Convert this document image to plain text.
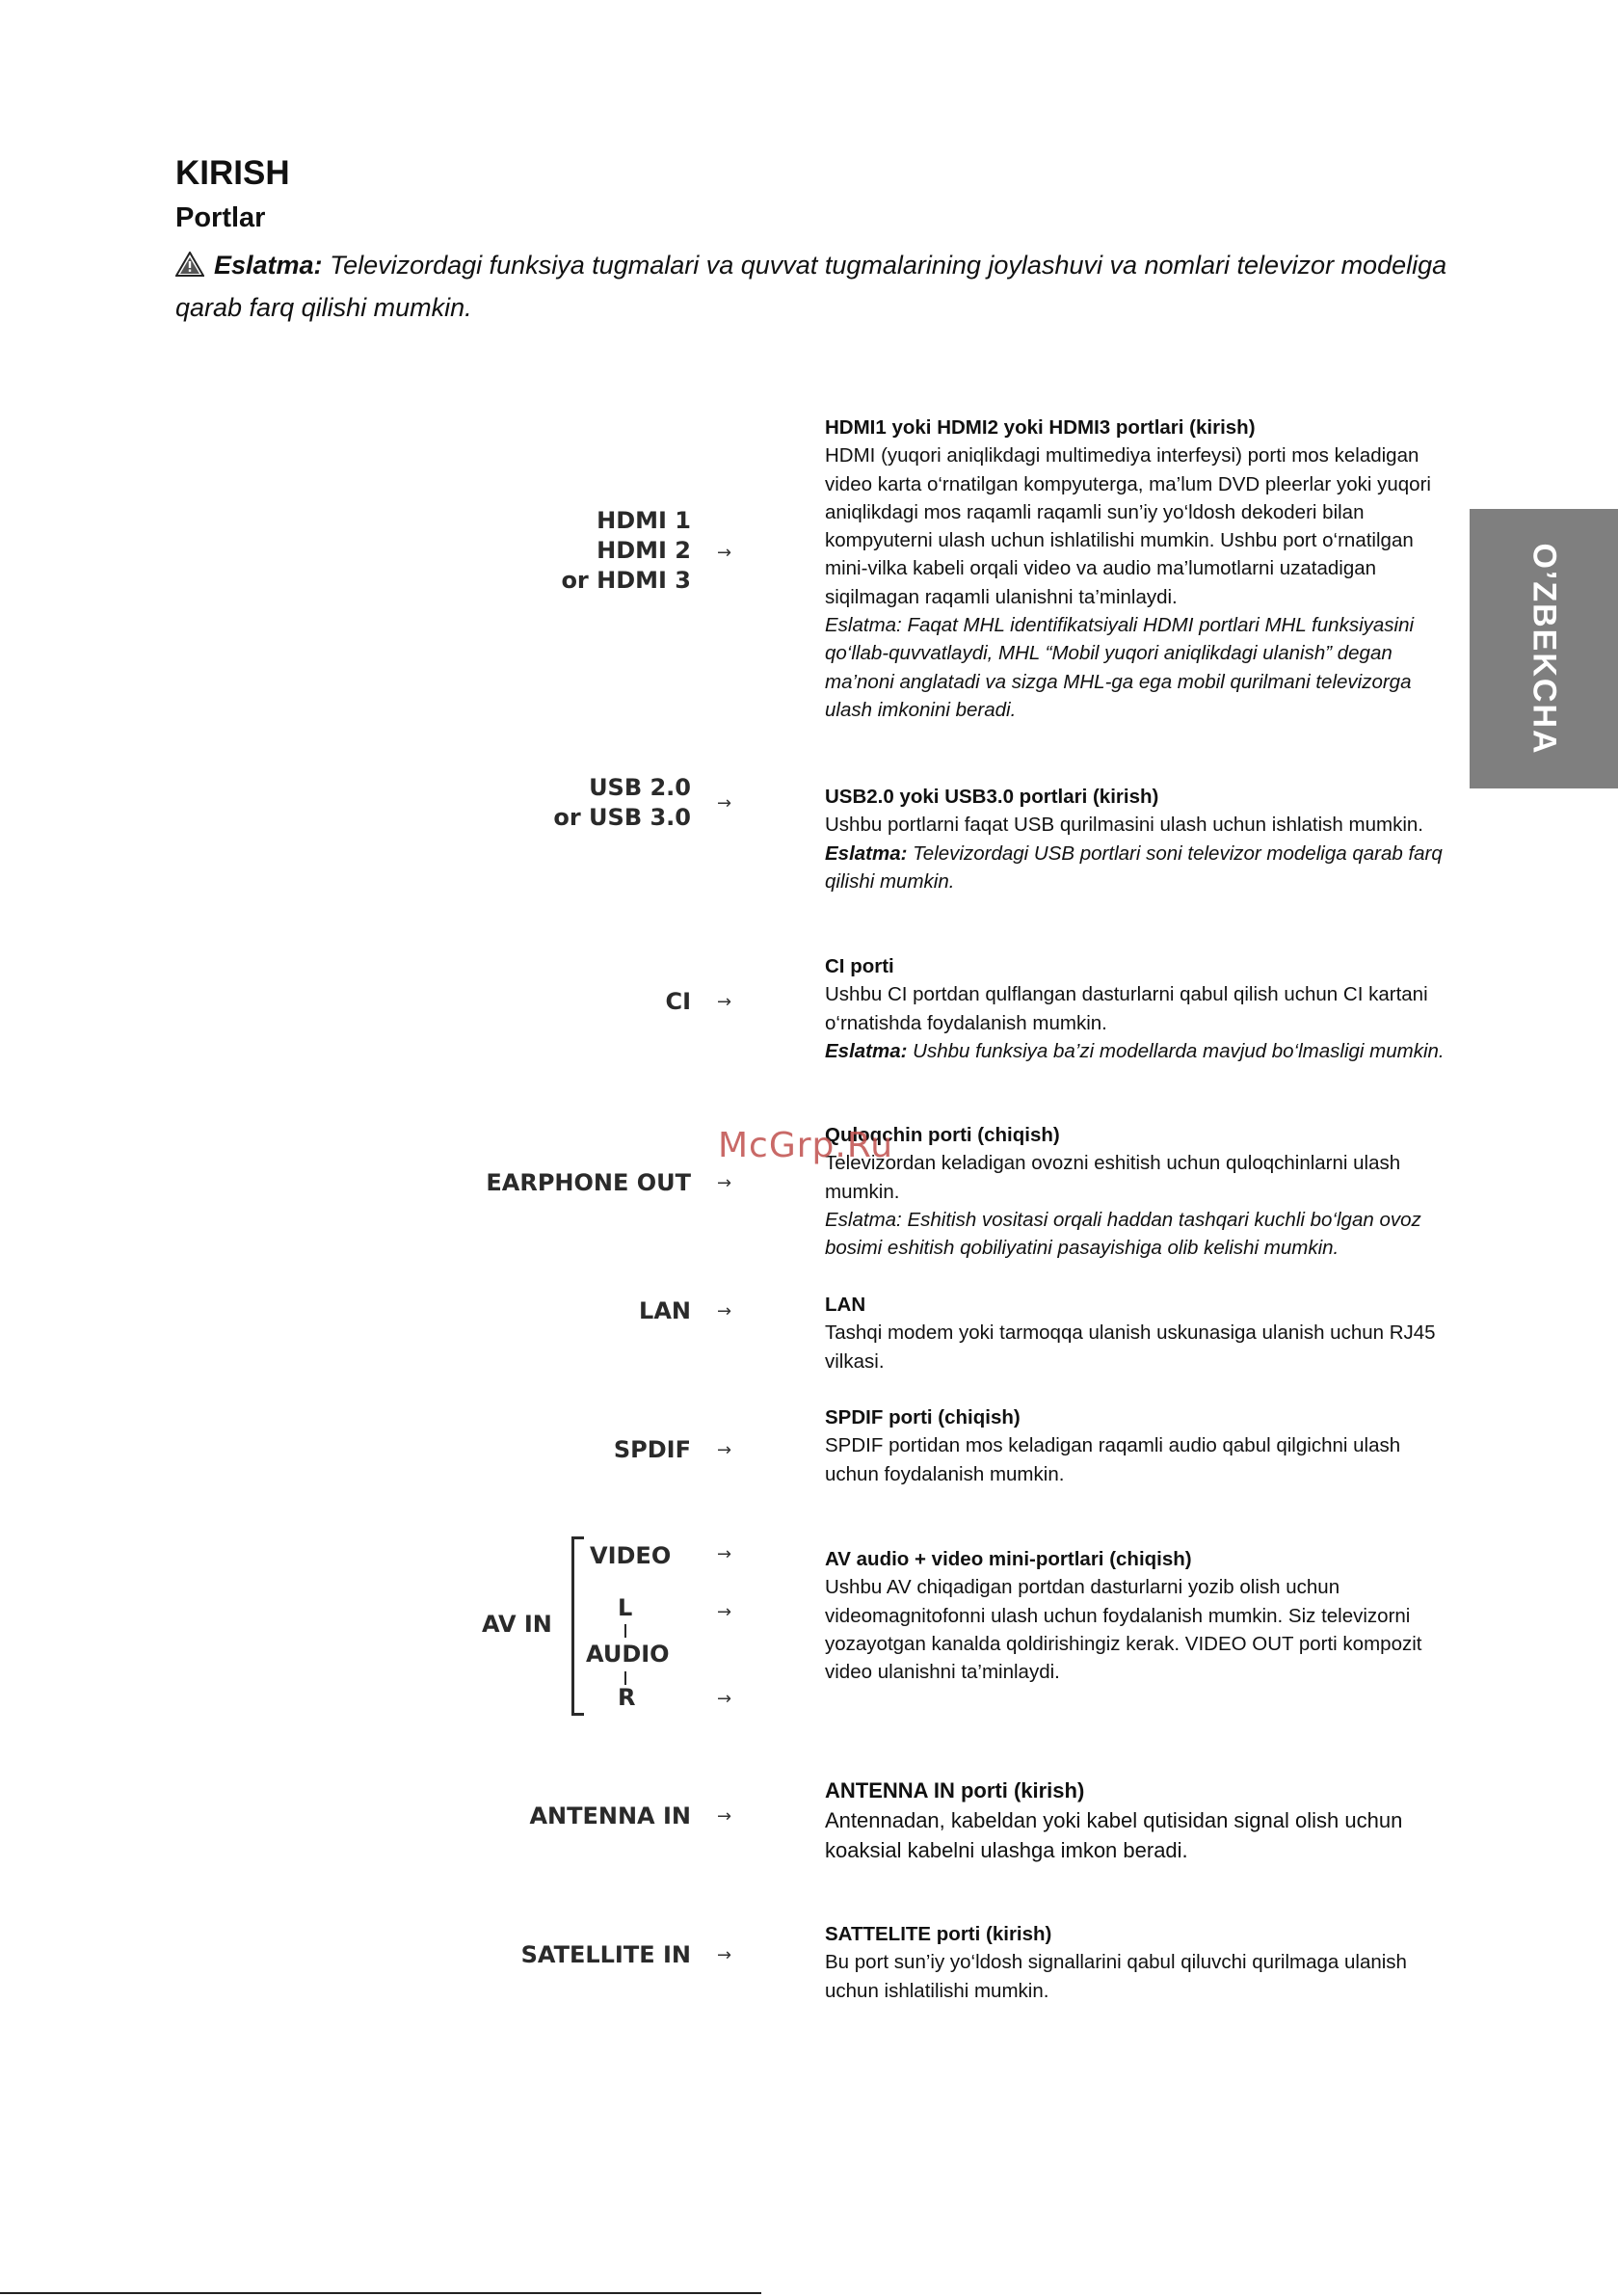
KIRISH
Portlar
Eslatma: Televizordagi funksiya tugmalari va quvvat tugmalarining joylashuvi va nomlari televizor modeliga qarab farq qilishi mumkin.
O’ZBEKCHA
HDMI 1
HDMI 2
or HDMI 3
→
USB 2.0
or USB 3.0
→
CI →
EARPHONE OUT →
LAN →
SPDIF →
AV IN
VIDEO
L
AUDIO
R
→
→
→
ANTENNA IN →
SATELLITE IN →

HDMI1 yoki HDMI2 yoki HDMI3 portlari (kirish)

HDMI (yuqori aniqlikdagi multimediya interfeysi) porti mos keladigan video karta o‘rnatilgan kompyuterga, ma’lum DVD pleerlar yoki yuqori aniqlikdagi mos raqamli raqamli sun’iy yo‘ldosh dekoderi bilan kompyuterni ulash uchun ishlatilishi mumkin. Ushbu port o‘rnatilgan mini-vilka kabeli orqali video va audio ma’lumotlarni uzatadigan siqilmagan raqamli ulanishni ta’minlaydi.

Eslatma: Faqat MHL identifikatsiyali HDMI portlari MHL funksiyasini qo‘llab-quvvatlaydi, MHL “Mobil yuqori aniqlikdagi ulanish” degan ma’noni anglatadi va sizga MHL-ga ega mobil qurilmani televizorga ulash imkonini beradi.

USB2.0 yoki USB3.0 portlari (kirish)

Ushbu portlarni faqat USB qurilmasini ulash uchun ishlatish mumkin.

Eslatma: Televizordagi USB portlari soni televizor modeliga qarab farq qilishi mumkin.

CI porti

Ushbu CI portdan qulflangan dasturlarni qabul qilish uchun CI kartani o‘rnatishda foydalanish mumkin.

Eslatma: Ushbu funksiya ba’zi modellarda mavjud bo‘lmasligi mumkin.

Quloqchin porti (chiqish)

Televizordan keladigan ovozni eshitish uchun quloqchinlarni ulash mumkin.

Eslatma: Eshitish vositasi orqali haddan tashqari kuchli bo‘lgan ovoz bosimi eshitish qobiliyatini pasayishiga olib kelishi mumkin.

LAN

Tashqi modem yoki tarmoqqa ulanish uskunasiga ulanish uchun RJ45 vilkasi.

SPDIF porti (chiqish)

SPDIF portidan mos keladigan raqamli audio qabul qilgichni ulash uchun foydalanish mumkin.

AV audio + video mini-portlari (chiqish)

Ushbu AV chiqadigan portdan dasturlarni yozib olish uchun videomagnitofonni ulash uchun foydalanish mumkin. Siz televizorni yozayotgan kanalda qoldirishingiz kerak. VIDEO OUT porti kompozit video ulanishni ta’minlaydi.

ANTENNA IN porti (kirish)

Antennadan, kabeldan yoki kabel qutisidan signal olish uchun koaksial kabelni ulashga imkon beradi.

SATTELITE porti (kirish)

Bu port sun’iy yo‘ldosh signallarini qabul qiluvchi qurilmaga ulanish uchun ishlatilishi mumkin.

McGrp.Ru
